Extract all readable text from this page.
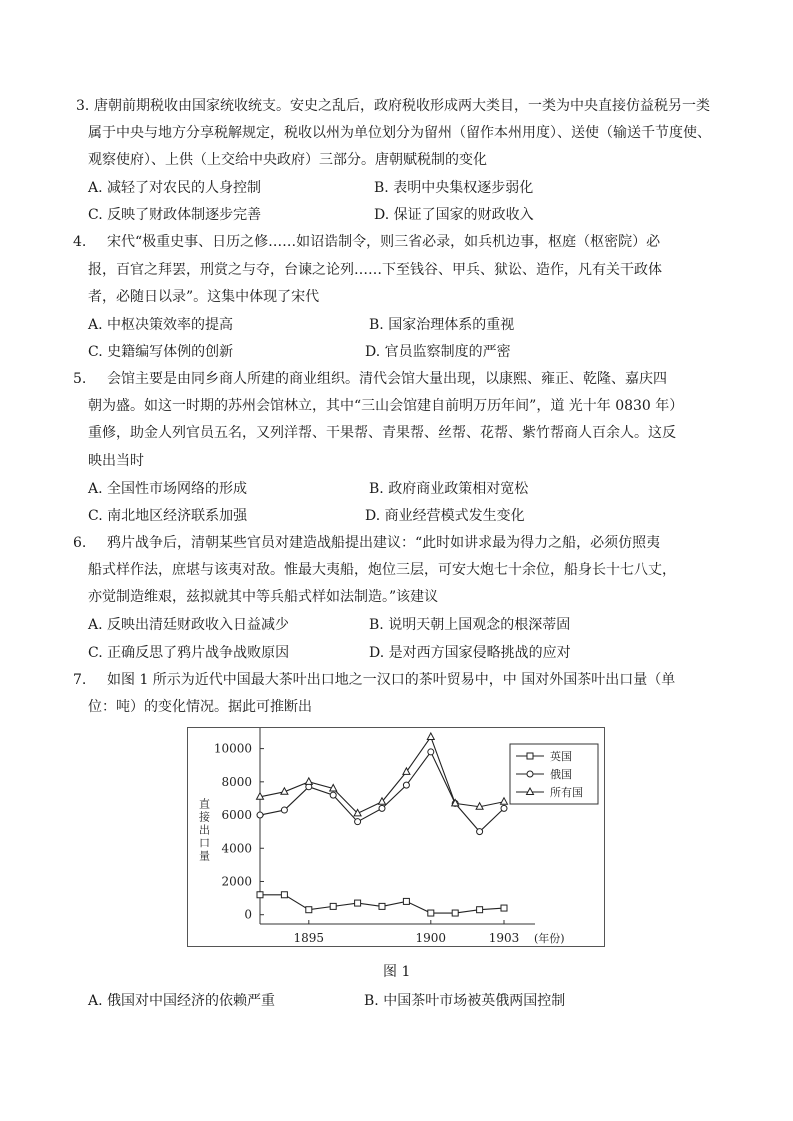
3．
唐朝前期税收由国家统收统支。安史之乱后，政府税收形成两大类目，一类为中央直接仿益税另一类
属于中央与地方分享税解规定，税收以州为单位划分为留州（留作本州用度）、送使（输送千节度使、
观察使府）、上供（上交给中央政府）三部分。唐朝赋税制的变化
A. 减轻了对农民的人身控制	B. 表明中央集权逐步弱化
C. 反映了财政体制逐步完善	D. 保证了国家的财政收入
4. 宋代“极重史事、日历之修……如诏诰制令，则三省必录，如兵机边事，枢庭（枢密院）必
报，百官之拜罢，刑赏之与夺，台谏之论列……下至钱谷、甲兵、狱讼、造作，凡有关干政体
者，必随日以录”。这集中体现了宋代
A. 中枢决策效率的提高	B. 国家治理体系的重视
C. 史籍编写体例的创新	D. 官员监察制度的严密
5. 会馆主要是由同乡商人所建的商业组织。清代会馆大量出现，以康熙、雍正、乾隆、嘉庆四
朝为盛。如这一时期的苏州会馆林立，其中“三山会馆建自前明万历年间”，道 光十年 0830 年）
重修，助金人列官员五名，又列洋帮、干果帮、青果帮、丝帮、花帮、紫竹帮商人百余人。这反
映出当时
A. 全国性市场网络的形成	B. 政府商业政策相对宽松
C. 南北地区经济联系加强	D. 商业经营模式发生变化
6. 鸦片战争后，清朝某些官员对建造战船提出建议：“此时如讲求最为得力之船，必须仿照夷
船式样作法，庶堪与该夷对敌。惟最大夷船，炮位三层，可安大炮七十余位，船身长十七八丈，
亦觉制造维艰，兹拟就其中等兵船式样如法制造。”该建议
A. 反映出清廷财政收入日益减少	B. 说明天朝上国观念的根深蒂固
C. 正确反思了鸦片战争战败原因	D. 是对西方国家侵略挑战的应对
7. 如图 1 所示为近代中国最大茶叶出口地之一汉口的茶叶贸易中，中 国对外国茶叶出口量（单
位：吨）的变化情况。据此可推断出
0
2000
4000
6000
8000
10000
直接出口量
1895	1900	1903 (年份)
英国
俄国
所有国
图 1
A. 俄国对中国经济的依赖严重	B. 中国茶叶市场被英俄两国控制
